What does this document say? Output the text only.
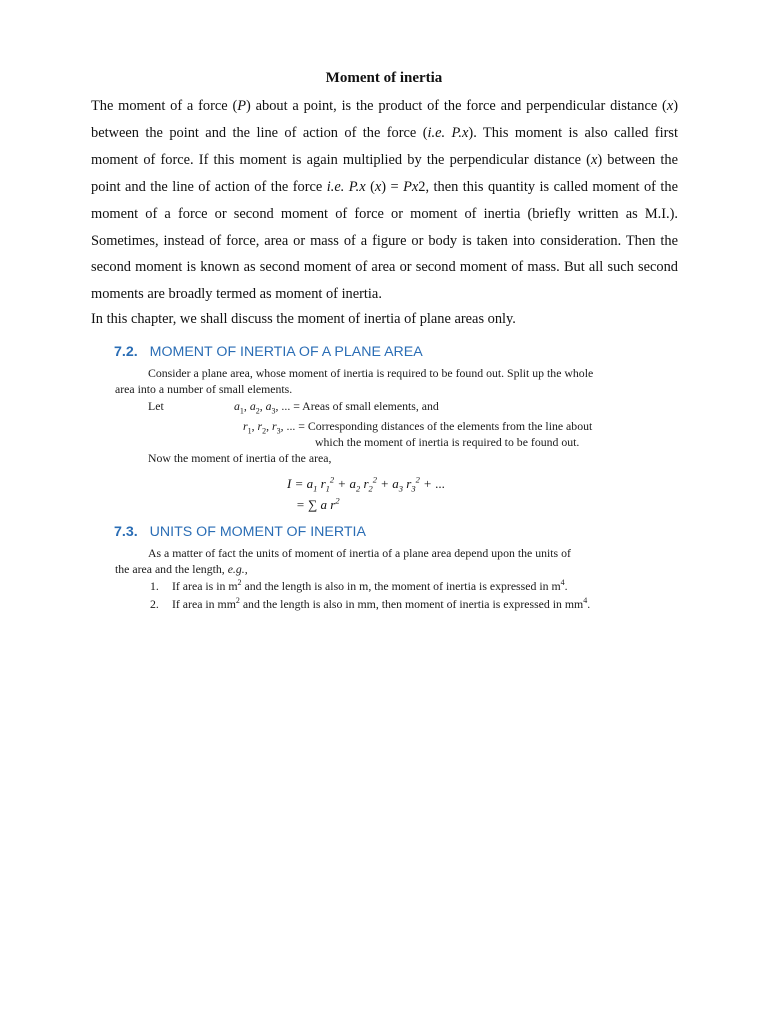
Moment of inertia

The moment of a force (P) about a point, is the product of the force and perpendicular distance (x) between the point and the line of action of the force (i.e. P.x). This moment is also called first moment of force. If this moment is again multiplied by the perpendicular distance (x) between the point and the line of action of the force i.e. P.x (x) = Px2, then this quantity is called moment of the moment of a force or second moment of force or moment of inertia (briefly written as M.I.). Sometimes, instead of force, area or mass of a figure or body is taken into consideration. Then the second moment is known as second moment of area or second moment of mass. But all such second moments are broadly termed as moment of inertia.

In this chapter, we shall discuss the moment of inertia of plane areas only.

7.2. MOMENT OF INERTIA OF A PLANE AREA
Consider a plane area, whose moment of inertia is required to be found out. Split up the whole
area into a number of small elements.
Let	$a_1$, $a_2$, $a_3$, ... = Areas of small elements, and
$r_1$, $r_2$, $r_3$, ... = Corresponding distances of the elements from the line about
which the moment of inertia is required to be found out.
Now the moment of inertia of the area,
$I = a_1$ $r_1^2 + a_2$ $r_2^2 + a_3$ $r_3^2$ + ...
= ∑ a $r^2$
7.3. UNITS OF MOMENT OF INERTIA
As a matter of fact the units of moment of inertia of a plane area depend upon the units of
the area and the length, e.g.,
1. If area is in $m^2$ and the length is also in m, the moment of inertia is expressed in $m^4$.
2. If area in $mm^2$ and the length is also in mm, then moment of inertia is expressed in $mm^4$.
